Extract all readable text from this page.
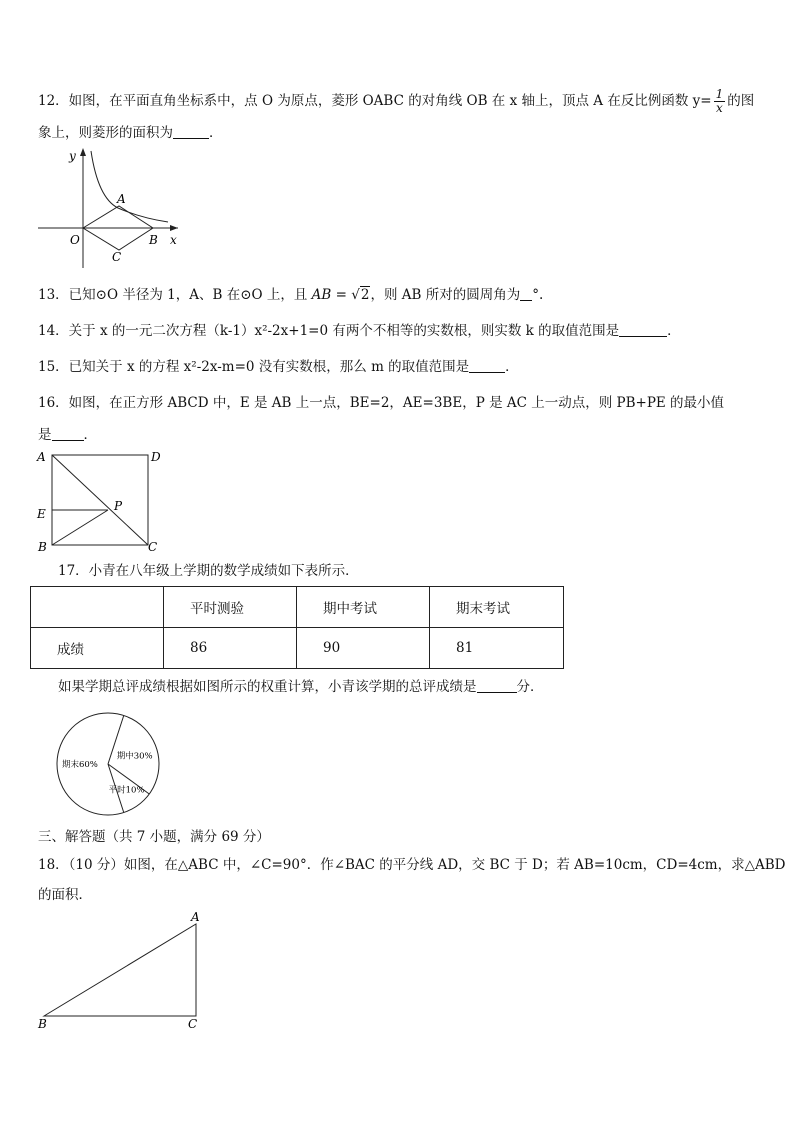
12．如图，在平面直角坐标系中，点 O 为原点，菱形 OABC 的对角线 OB 在 x 轴上，顶点 A 在反比例函数 $y= \frac{1}{x}$ 的图
象上，则菱形的面积为	．
y
x
O
A
B
C
13．已知⊙O 半径为 1，A、B 在⊙O 上，且 AB = √2，则 AB 所对的圆周角为 °.
14．关于 x 的一元二次方程（k-1）x²-2x+1=0 有两个不相等的实数根，则实数 k 的取值范围是	．
15．已知关于 x 的方程 x²-2x-m=0 没有实数根，那么 m 的取值范围是	．
16．如图，在正方形 ABCD 中，E 是 AB 上一点，BE=2，AE=3BE，P 是 AC 上一动点，则 PB+PE 的最小值
是 ．
A	D
E
P
B	C
17．小青在八年级上学期的数学成绩如下表所示．
	平时测验	期中考试	期末考试
成绩	86	90	81
如果学期总评成绩根据如图所示的权重计算，小青该学期的总评成绩是	分．
期中30%
平时10%
期末60%
三、解答题（共 7 小题，满分 69 分）
18．（10 分）如图，在△ABC 中，∠C=90°．作∠BAC 的平分线 AD，交 BC 于 D；若 AB=10cm，CD=4cm，求△ABD
的面积．
A
B	C
